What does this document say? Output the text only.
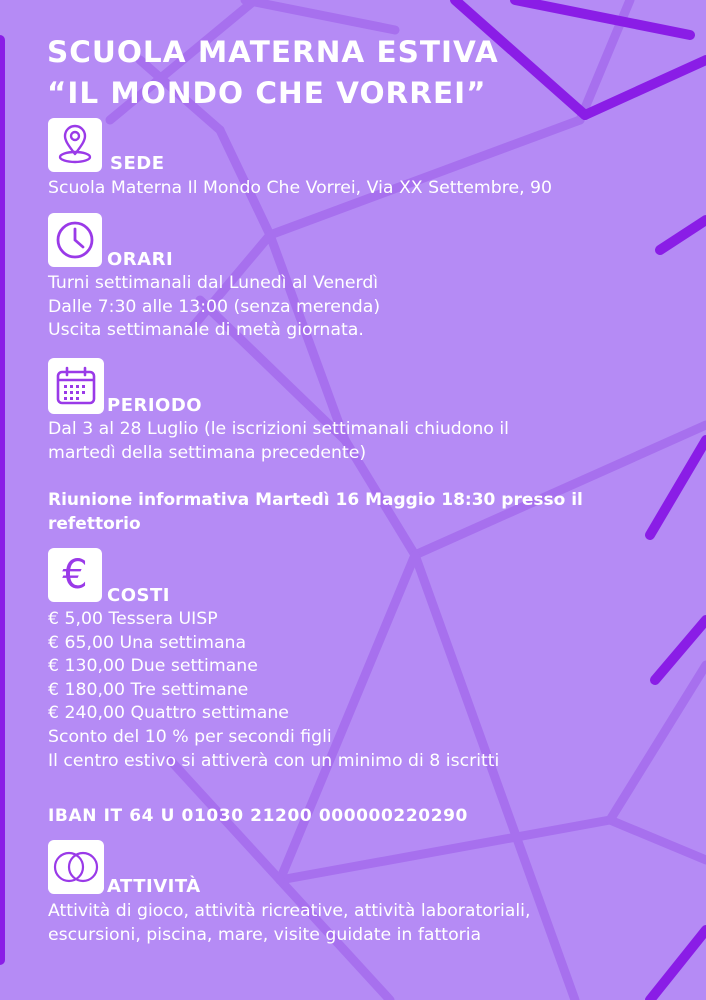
SCUOLA MATERNA ESTIVA
“IL MONDO CHE VORREI”
SEDE
Scuola Materna Il Mondo Che Vorrei, Via XX Settembre, 90
ORARI
Turni settimanali dal Lunedì al Venerdì
Dalle 7:30 alle 13:00 (senza merenda)
Uscita settimanale di metà giornata.
PERIODO
Dal 3 al 28 Luglio (le iscrizioni settimanali chiudono il
martedì della settimana precedente)
Riunione informativa Martedì 16 Maggio 18:30 presso il
refettorio
€ COSTI
€ 5,00 Tessera UISP
€ 65,00 Una settimana
€ 130,00 Due settimane
€ 180,00 Tre settimane
€ 240,00 Quattro settimane
Sconto del 10 % per secondi figli
Il centro estivo si attiverà con un minimo di 8 iscritti
IBAN IT 64 U 01030 21200 000000220290
ATTIVITÀ
Attività di gioco, attività ricreative, attività laboratoriali,
escursioni, piscina, mare, visite guidate in fattoria
